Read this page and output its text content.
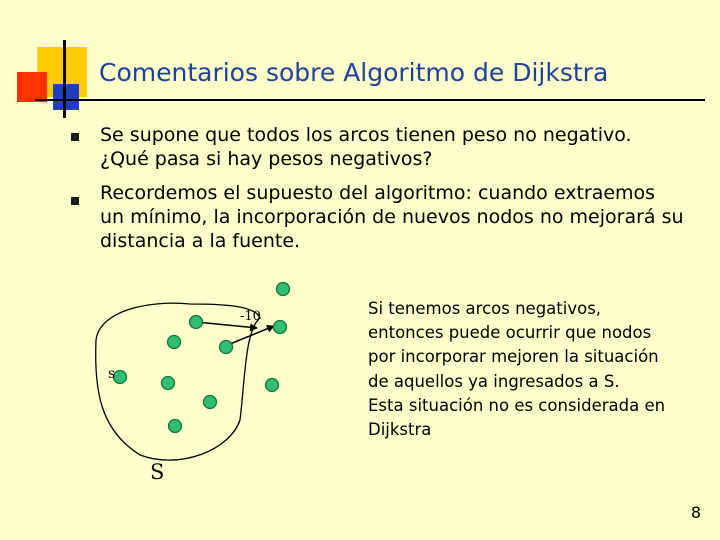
Comentarios sobre Algoritmo de Dijkstra

Se supone que todos los arcos tienen peso no negativo. ¿Qué pasa si hay pesos negativos?

Recordemos el supuesto del algoritmo: cuando extraemos un mínimo, la incorporación de nuevos nodos no mejorará su distancia a la fuente.

-10
s
S

Si tenemos arcos negativos, entonces puede ocurrir que nodos por incorporar mejoren la situación de aquellos ya ingresados a S.
Esta situación no es considerada en Dijkstra

8
